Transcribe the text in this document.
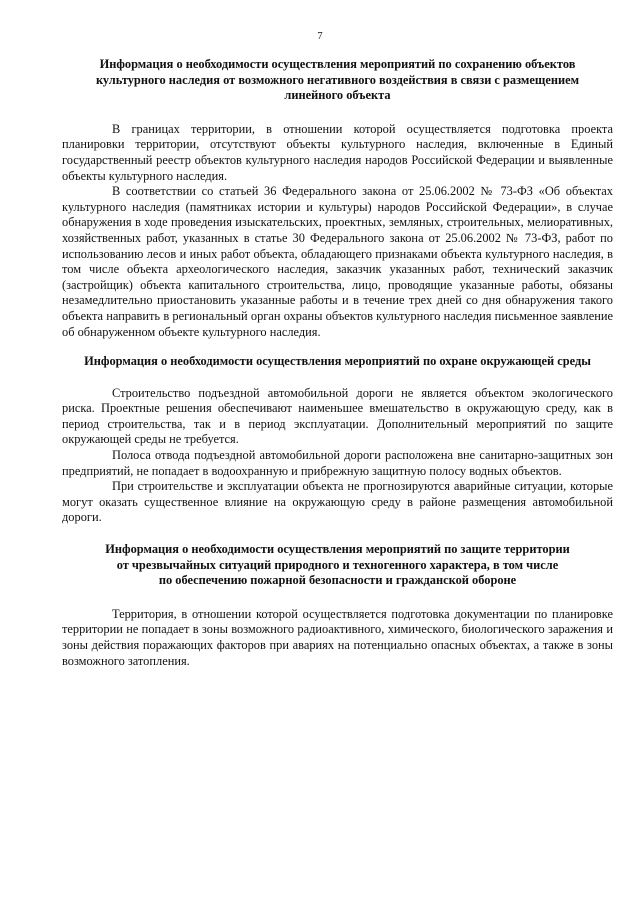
7
Информация о необходимости осуществления мероприятий по сохранению объектов
культурного наследия от возможного негативного воздействия в связи с размещением
линейного объекта

В границах территории, в отношении которой осуществляется подготовка проекта планировки территории, отсутствуют объекты культурного наследия, включенные в Единый государственный реестр объектов культурного наследия народов Российской Федерации и выявленные объекты культурного наследия.

В соответствии со статьей 36 Федерального закона от 25.06.2002 № 73-ФЗ «Об объектах культурного наследия (памятниках истории и культуры) народов Российской Федерации», в случае обнаружения в ходе проведения изыскательских, проектных, земляных, строительных, мелиоративных, хозяйственных работ, указанных в статье 30 Федерального закона от 25.06.2002 № 73-ФЗ, работ по использованию лесов и иных работ объекта, обладающего признаками объекта культурного наследия, в том числе объекта археологического наследия, заказчик указанных работ, технический заказчик (застройщик) объекта капитального строительства, лицо, проводящие указанные работы, обязаны незамедлительно приостановить указанные работы и в течение трех дней со дня обнаружения такого объекта направить в региональный орган охраны объектов культурного наследия письменное заявление об обнаруженном объекте культурного наследия.

Информация о необходимости осуществления мероприятий по охране окружающей среды

Строительство подъездной автомобильной дороги не является объектом экологического риска. Проектные решения обеспечивают наименьшее вмешательство в окружающую среду, как в период строительства, так и в период эксплуатации. Дополнительный мероприятий по защите окружающей среды не требуется.

Полоса отвода подъездной автомобильной дороги расположена вне санитарно-защитных зон предприятий, не попадает в водоохранную и прибрежную защитную полосу водных объектов.

При строительстве и эксплуатации объекта не прогнозируются аварийные ситуации, которые могут оказать существенное влияние на окружающую среду в районе размещения автомобильной дороги.

Информация о необходимости осуществления мероприятий по защите территории
от чрезвычайных ситуаций природного и техногенного характера, в том числе
по обеспечению пожарной безопасности и гражданской обороне

Территория, в отношении которой осуществляется подготовка документации по планировке территории не попадает в зоны возможного радиоактивного, химического, биологического заражения и зоны действия поражающих факторов при авариях на потенциально опасных объектах, а также в зоны возможного затопления.
